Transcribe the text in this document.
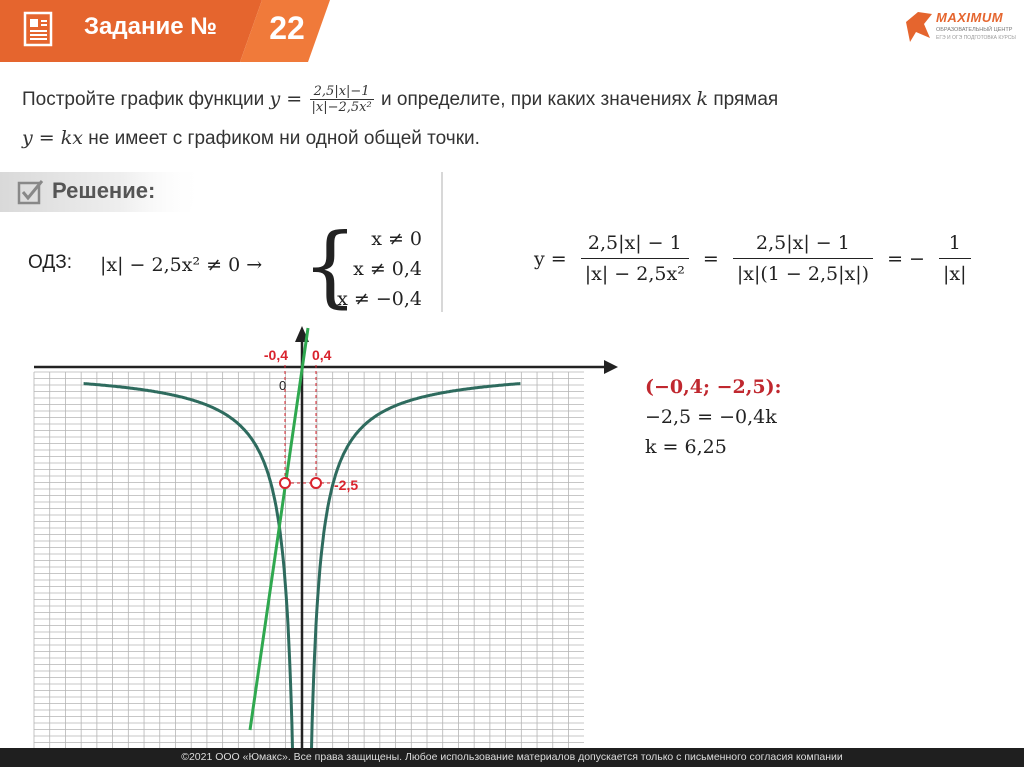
Задание №	22	MAXIMUM
ОБРАЗОВАТЕЛЬНЫЙ ЦЕНТР
ЕГЭ И ОГЭ ПОДГОТОВКА КУРСЫ
Постройте график функции $y = \frac{2,5|x|-1}{\text{|x|−2,5x²}}$ и определите, при каких значениях k прямая
y = kx не имеет с графиком ни одной общей точки.
Решение:
ОДЗ: |x| − 2,5x² ≠ 0 → { x ≠ 0
x ≠ 0,4
x ≠ −0,4
$y = \frac{2,5|x| - 1}{\text{|x| − 2,5x²}} = \frac{2,5|x| - 1}{|x|(1 - 2,5|x|)}$ = − $\frac{1}{|x|}$
-0,4 0,4
0
-2,5
(−0,4; −2,5):
−2,5 = −0,4k
k = 6,25
©2021 ООО «Юмакс». Все права защищены. Любое использование материалов допускается только с письменного согласия компании
